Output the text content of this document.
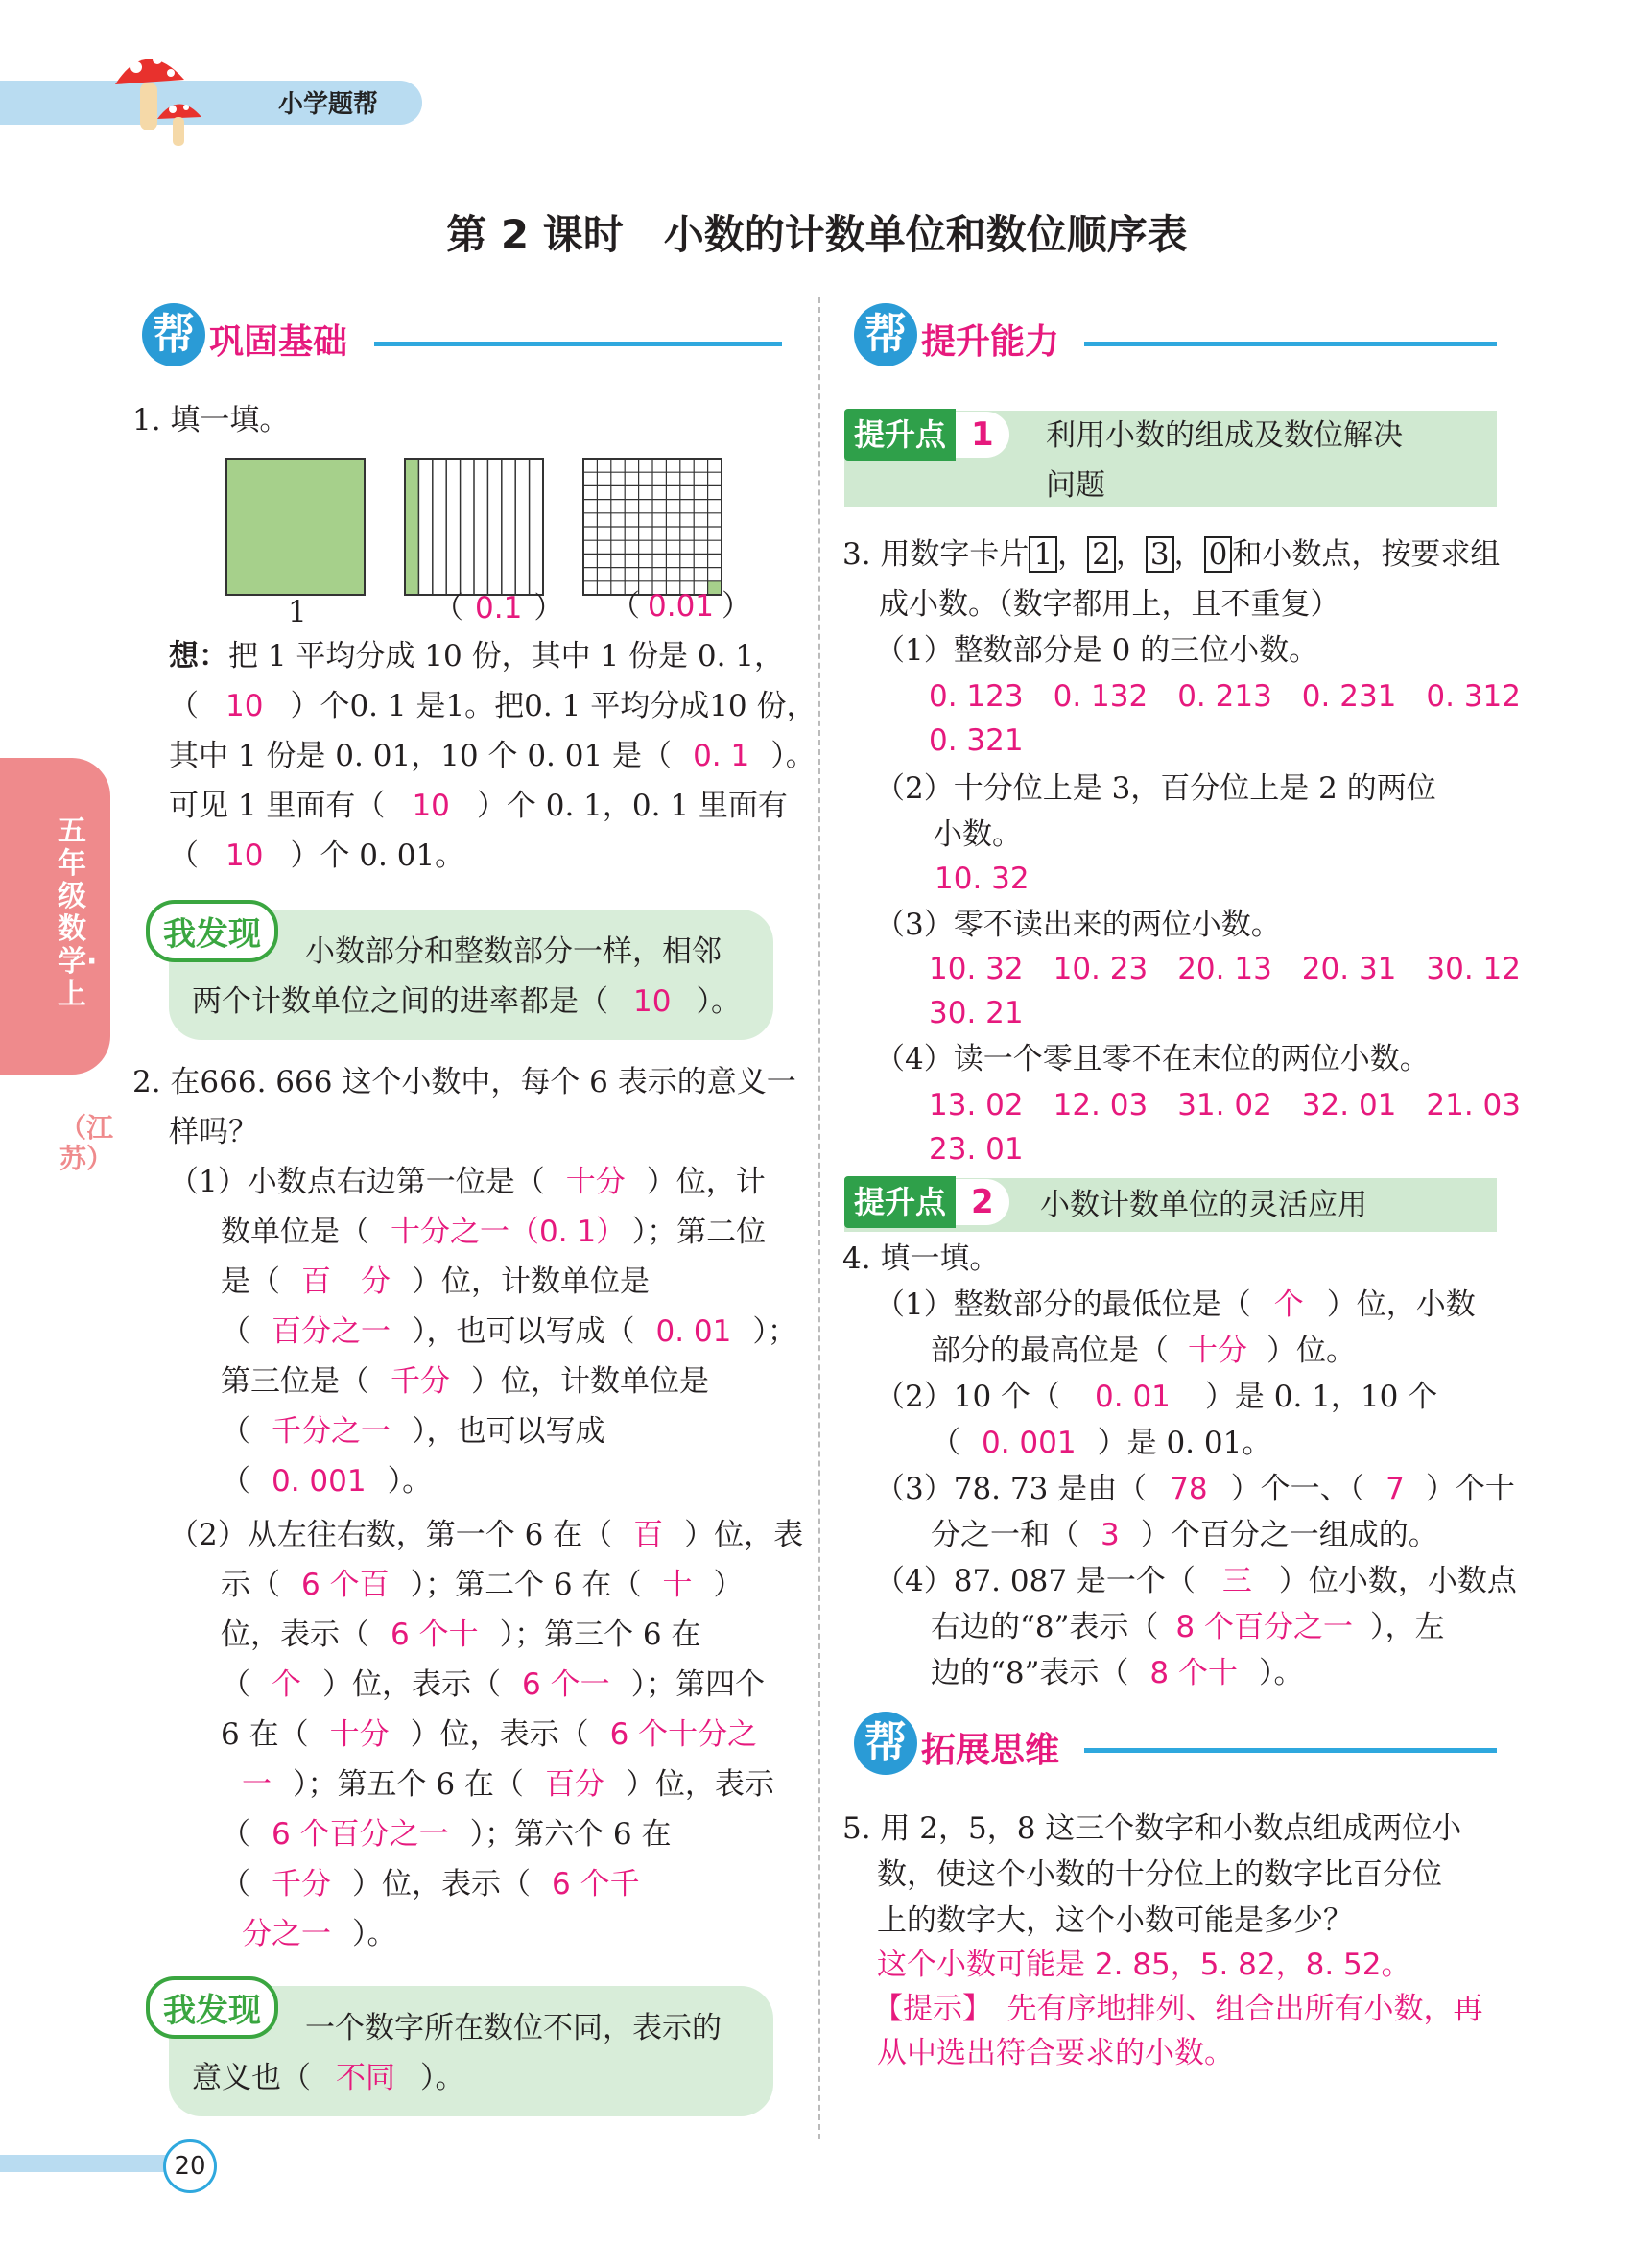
小学题帮
第 2 课时　小数的计数单位和数位顺序表
五年级数学·上
（江苏）
帮 巩固基础
1. 填一填。
1	（ 0.1 ） （ 0.01 ）
想：把 1 平均分成 10 份，其中 1 份是 0. 1，
（ 10 ）个0. 1 是1。把0. 1 平均分成10 份，
其中 1 份是 0. 01，10 个 0. 01 是（ 0. 1 ）。
可见 1 里面有（ 10 ）个 0. 1，0. 1 里面有
（ 10 ）个 0. 01。
我发现	小数部分和整数部分一样，相邻
两个计数单位之间的进率都是（ 10 ）。
2. 在666. 666 这个小数中，每个 6 表示的意义一
样吗？
（1）小数点右边第一位是（ 十分 ）位，计
数单位是（ 十分之一（0. 1） ）；第二位
是（ 百　分 ）位，计数单位是
（ 百分之一 ），也可以写成（ 0. 01 ）；
第三位是（ 千分 ）位，计数单位是
（ 千分之一 ），也可以写成
（ 0. 001 ）。
（2）从左往右数，第一个 6 在（ 百 ）位，表
示（ 6 个百 ）；第二个 6 在（ 十 ）
位，表示（ 6 个十 ）；第三个 6 在
（ 个 ）位，表示（ 6 个一 ）；第四个
6 在（ 十分 ）位，表示（ 6 个十分之
一 ）；第五个 6 在（ 百分 ）位，表示
（ 6 个百分之一 ）；第六个 6 在
（ 千分 ）位，表示（ 6 个千
分之一 ）。
我发现	一个数字所在数位不同，表示的
意义也（ 不同 ）。
帮 提升能力
提升点 1	利用小数的组成及数位解决
问题
3. 用数字卡片 1 ， 2 ， 3 ， 0 和小数点，按要求组
成小数。（数字都用上，且不重复）
（1）整数部分是 0 的三位小数。
0. 123　0. 132　0. 213　0. 231　0. 312
0. 321
（2）十分位上是 3，百分位上是 2 的两位
小数。
10. 32
（3）零不读出来的两位小数。
10. 32　10. 23　20. 13　20. 31　30. 12
30. 21
（4）读一个零且零不在末位的两位小数。
13. 02　12. 03　31. 02　32. 01　21. 03
23. 01
提升点 2	小数计数单位的灵活应用
4. 填一填。
（1）整数部分的最低位是（ 个 ）位，小数
部分的最高位是（ 十分 ）位。
（2）10 个（ 0. 01 ）是 0. 1，10 个
（ 0. 001 ）是 0. 01。
（3）78. 73 是由（ 78 ）个一、（ 7 ）个十
分之一和（ 3 ）个百分之一组成的。
（4）87. 087 是一个（ 三 ）位小数，小数点
右边的“8”表示（ 8 个百分之一 ），左
边的“8”表示（ 8 个十 ）。
帮 拓展思维
5. 用 2，5，8 这三个数字和小数点组成两位小
数，使这个小数的十分位上的数字比百分位
上的数字大，这个小数可能是多少？
这个小数可能是 2. 85，5. 82，8. 52。
【提示】　先有序地排列、组合出所有小数，再
从中选出符合要求的小数。
20
